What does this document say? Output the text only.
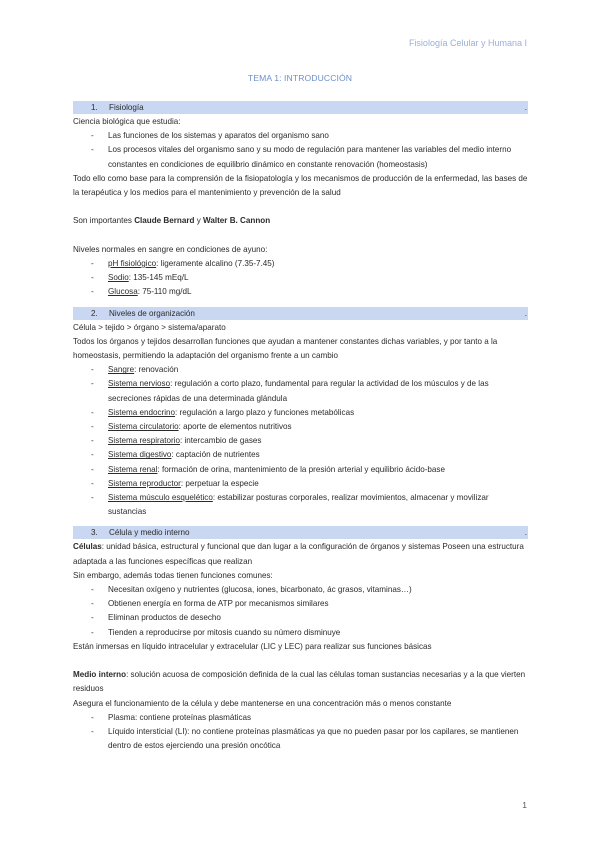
Fisiología Celular y Humana I
TEMA 1: INTRODUCCIÓN
1. Fisiología	.

Ciencia biológica que estudia:

- Las funciones de los sistemas y aparatos del organismo sano
- Los procesos vitales del organismo sano y su modo de regulación para mantener las variables del medio interno constantes en condiciones de equilibrio dinámico en constante renovación (homeostasis)

Todo ello como base para la comprensión de la fisiopatología y los mecanismos de producción de la enfermedad, las bases de la terapéutica y los medios para el mantenimiento y prevención de la salud

Son importantes Claude Bernard y Walter B. Cannon

Niveles normales en sangre en condiciones de ayuno:

- pH fisiológico: ligeramente alcalino (7.35-7.45)
- Sodio: 135-145 mEq/L
- Glucosa: 75-110 mg/dL
2. Niveles de organización	.

Célula > tejido > órgano > sistema/aparato

Todos los órganos y tejidos desarrollan funciones que ayudan a mantener constantes dichas variables, y por tanto a la homeostasis, permitiendo la adaptación del organismo frente a un cambio

- Sangre: renovación
- Sistema nervioso: regulación a corto plazo, fundamental para regular la actividad de los músculos y de las secreciones rápidas de una determinada glándula
- Sistema endocrino: regulación a largo plazo y funciones metabólicas
- Sistema circulatorio: aporte de elementos nutritivos
- Sistema respiratorio: intercambio de gases
- Sistema digestivo: captación de nutrientes
- Sistema renal: formación de orina, mantenimiento de la presión arterial y equilibrio ácido-base
- Sistema reproductor: perpetuar la especie
- Sistema músculo esquelético: estabilizar posturas corporales, realizar movimientos, almacenar y movilizar sustancias
3. Célula y medio interno	.

Células: unidad básica, estructural y funcional que dan lugar a la configuración de órganos y sistemas Poseen una estructura adaptada a las funciones específicas que realizan

Sin embargo, además todas tienen funciones comunes:

- Necesitan oxígeno y nutrientes (glucosa, iones, bicarbonato, ác grasos, vitaminas…)
- Obtienen energía en forma de ATP por mecanismos similares
- Eliminan productos de desecho
- Tienden a reproducirse por mitosis cuando su número disminuye

Están inmersas en líquido intracelular y extracelular (LIC y LEC) para realizar sus funciones básicas

Medio interno: solución acuosa de composición definida de la cual las células toman sustancias necesarias y a la que vierten residuos

Asegura el funcionamiento de la célula y debe mantenerse en una concentración más o menos constante

- Plasma: contiene proteínas plasmáticas
- Líquido intersticial (LI): no contiene proteínas plasmáticas ya que no pueden pasar por los capilares, se mantienen dentro de estos ejerciendo una presión oncótica
1
